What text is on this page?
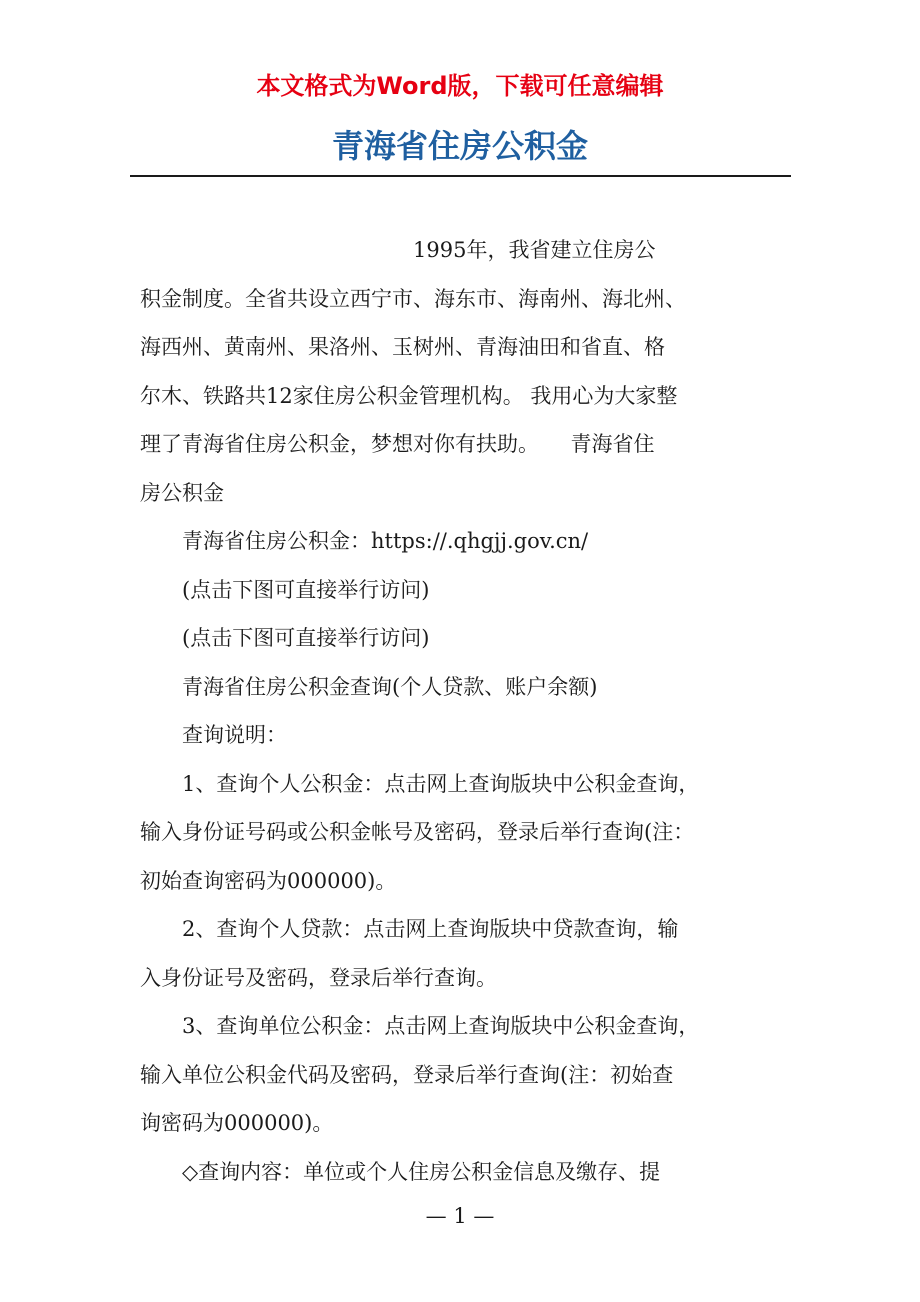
本文格式为Word版，下载可任意编辑
青海省住房公积金

　　　　　　　　　　　　　1995年，我省建立住房公

积金制度。全省共设立西宁市、海东市、海南州、海北州、

海西州、黄南州、果洛州、玉树州、青海油田和省直、格

尔木、铁路共12家住房公积金管理机构。 我用心为大家整

理了青海省住房公积金，梦想对你有扶助。　　青海省住

房公积金

　　青海省住房公积金：https://.qhgjj.gov.cn/

　　(点击下图可直接举行访问)

　　(点击下图可直接举行访问)

　　青海省住房公积金查询(个人贷款、账户余额)

　　查询说明：

　　1、查询个人公积金：点击网上查询版块中公积金查询，

输入身份证号码或公积金帐号及密码，登录后举行查询(注：

初始查询密码为000000)。

　　2、查询个人贷款：点击网上查询版块中贷款查询，输

入身份证号及密码，登录后举行查询。

　　3、查询单位公积金：点击网上查询版块中公积金查询，

输入单位公积金代码及密码，登录后举行查询(注：初始查

询密码为000000)。

　　◇查询内容：单位或个人住房公积金信息及缴存、提

— 1 —
